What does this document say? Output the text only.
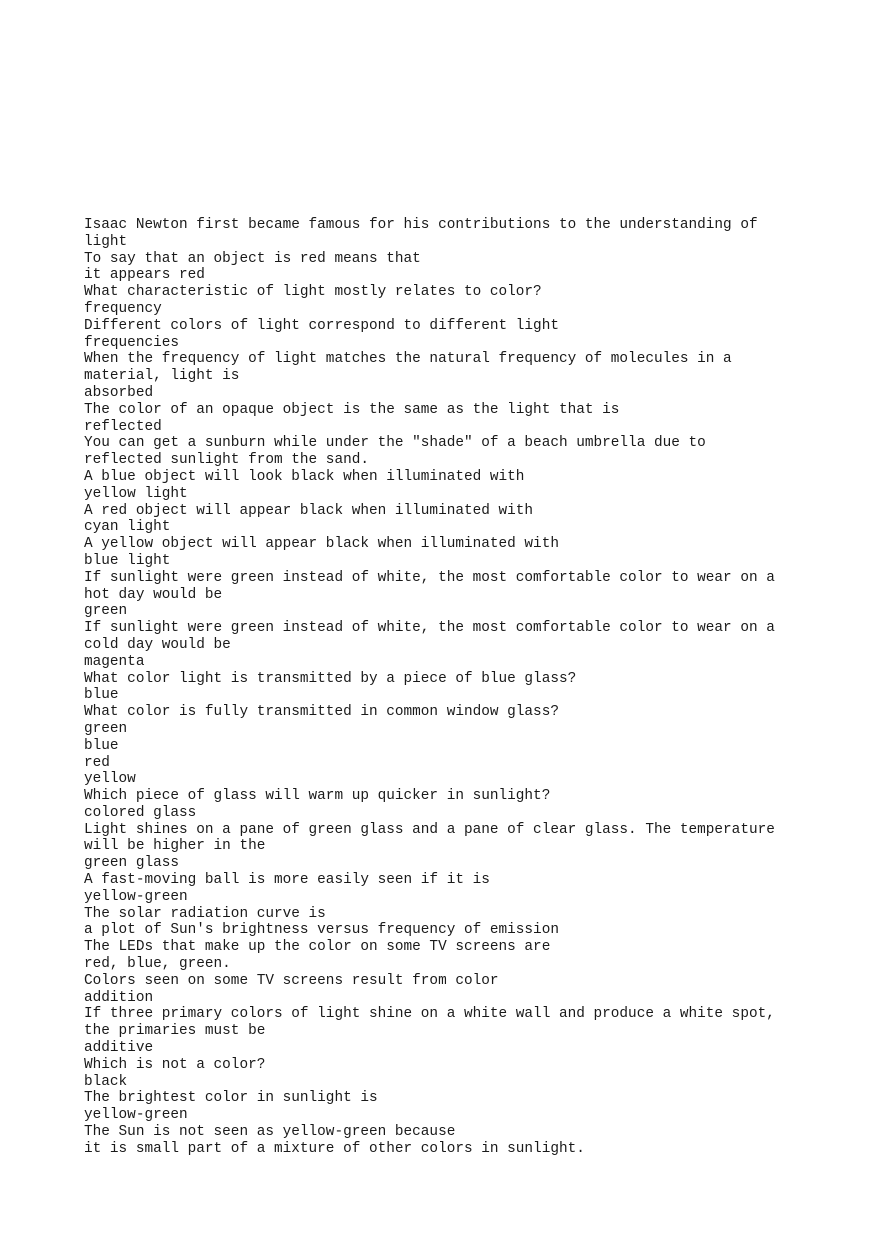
Isaac Newton first became famous for his contributions to the understanding of
light
To say that an object is red means that
it appears red
What characteristic of light mostly relates to color?
frequency
Different colors of light correspond to different light
frequencies
When the frequency of light matches the natural frequency of molecules in a
material, light is
absorbed
The color of an opaque object is the same as the light that is
reflected
You can get a sunburn while under the "shade" of a beach umbrella due to
reflected sunlight from the sand.
A blue object will look black when illuminated with
yellow light
A red object will appear black when illuminated with
cyan light
A yellow object will appear black when illuminated with
blue light
If sunlight were green instead of white, the most comfortable color to wear on a
hot day would be
green
If sunlight were green instead of white, the most comfortable color to wear on a
cold day would be
magenta
What color light is transmitted by a piece of blue glass?
blue
What color is fully transmitted in common window glass?
green
blue
red
yellow
Which piece of glass will warm up quicker in sunlight?
colored glass
Light shines on a pane of green glass and a pane of clear glass. The temperature
will be higher in the
green glass
A fast-moving ball is more easily seen if it is
yellow-green
The solar radiation curve is
a plot of Sun's brightness versus frequency of emission
The LEDs that make up the color on some TV screens are
red, blue, green.
Colors seen on some TV screens result from color
addition
If three primary colors of light shine on a white wall and produce a white spot,
the primaries must be
additive
Which is not a color?
black
The brightest color in sunlight is
yellow-green
The Sun is not seen as yellow-green because
it is small part of a mixture of other colors in sunlight.
